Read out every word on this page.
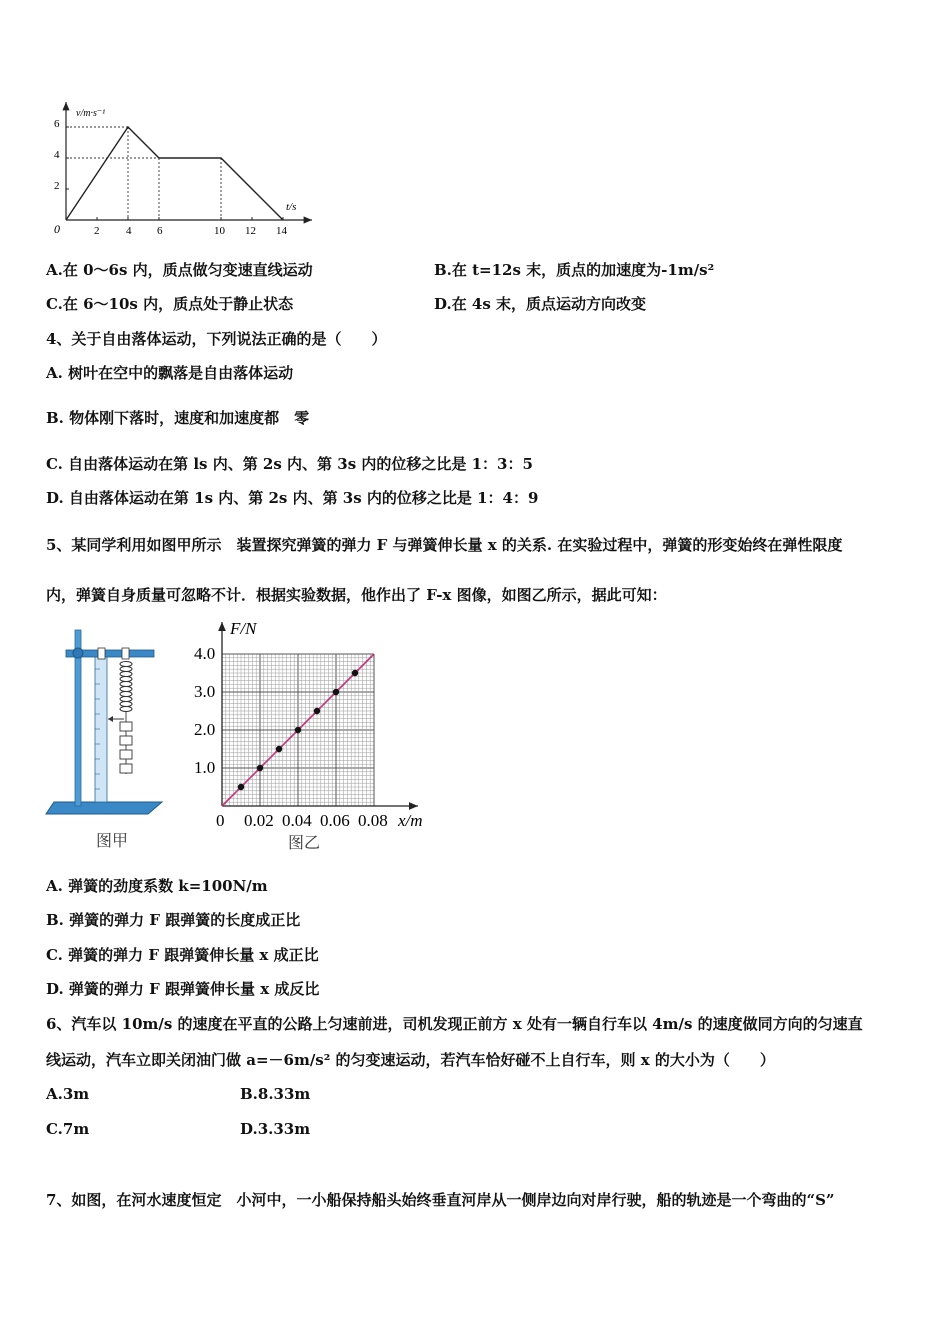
v/m·s⁻¹
t/s
0
6
4
2
2 4 6	10 12 14
A.在 0～6s 内，质点做匀变速直线运动	B.在 t=12s 末，质点的加速度为-1m/s²
C.在 6～10s 内，质点处于静止状态	D.在 4s 末，质点运动方向改变
4、关于自由落体运动，下列说法正确的是（　　）
A. 树叶在空中的飘落是自由落体运动
B. 物体刚下落时，速度和加速度都　零
C. 自由落体运动在第 ls 内、第 2s 内、第 3s 内的位移之比是 1：3：5
D. 自由落体运动在第 1s 内、第 2s 内、第 3s 内的位移之比是 1：4：9
5、某同学利用如图甲所示　装置探究弹簧的弹力 F 与弹簧伸长量 x 的关系. 在实验过程中，弹簧的形变始终在弹性限度
内，弹簧自身质量可忽略不计．根据实验数据，他作出了 F-x 图像，如图乙所示，据此可知：
图甲
F/N
x/m
0 0.02 0.04 0.06 0.08
1.0
2.0
3.0
4.0
图乙
A. 弹簧的劲度系数 k=100N/m
B. 弹簧的弹力 F 跟弹簧的长度成正比
C. 弹簧的弹力 F 跟弹簧伸长量 x 成正比
D. 弹簧的弹力 F 跟弹簧伸长量 x 成反比
6、汽车以 10m/s 的速度在平直的公路上匀速前进，司机发现正前方 x 处有一辆自行车以 4m/s 的速度做同方向的匀速直
线运动，汽车立即关闭油门做 a=－6m/s² 的匀变速运动，若汽车恰好碰不上自行车，则 x 的大小为（　　）
A.3m	B.8.33m
C.7m	D.3.33m
7、如图，在河水速度恒定　小河中，一小船保持船头始终垂直河岸从一侧岸边向对岸行驶，船的轨迹是一个弯曲的“S”
